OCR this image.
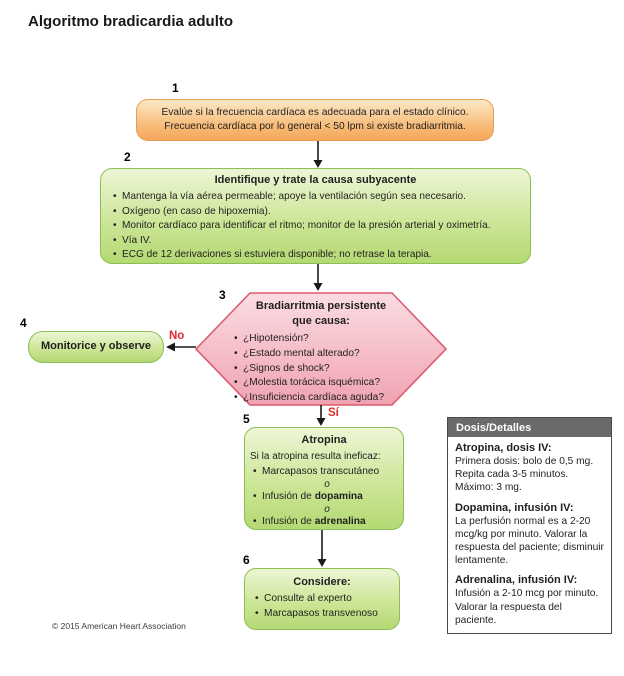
Algoritmo bradicardia adulto
1
2
3
4
5
6
Evalúe si la frecuencia cardíaca es adecuada para el estado clínico.
Frecuencia cardíaca por lo general < 50 lpm si existe bradiarritmia.
Identifique y trate la causa subyacente
• Mantenga la vía aérea permeable; apoye la ventilación según sea necesario.
• Oxígeno (en caso de hipoxemia).
• Monitor cardíaco para identificar el ritmo; monitor de la presión arterial y oximetría.
• Vía IV.
• ECG de 12 derivaciones si estuviera disponible; no retrase la terapia.
Bradiarritmia persistente
que causa:
• ¿Hipotensión?
• ¿Estado mental alterado?
• ¿Signos de shock?
• ¿Molestia torácica isquémica?
• ¿Insuficiencia cardíaca aguda?
No
Sí
Monitorice y observe
Atropina
Si la atropina resulta ineficaz:
• Marcapasos transcutáneo
o
• Infusión de dopamina
o
• Infusión de adrenalina
Considere:
• Consulte al experto
• Marcapasos transvenoso
Dosis/Detalles
Atropina, dosis IV:
Primera dosis: bolo de 0,5 mg. Repita cada 3-5 minutos. Máximo: 3 mg.
Dopamina, infusión IV:
La perfusión normal es a 2-20 mcg/kg por minuto. Valorar la respuesta del paciente; disminuir lentamente.
Adrenalina, infusión IV:
Infusión a 2-10 mcg por minuto. Valorar la respuesta del paciente.
© 2015 American Heart Association
